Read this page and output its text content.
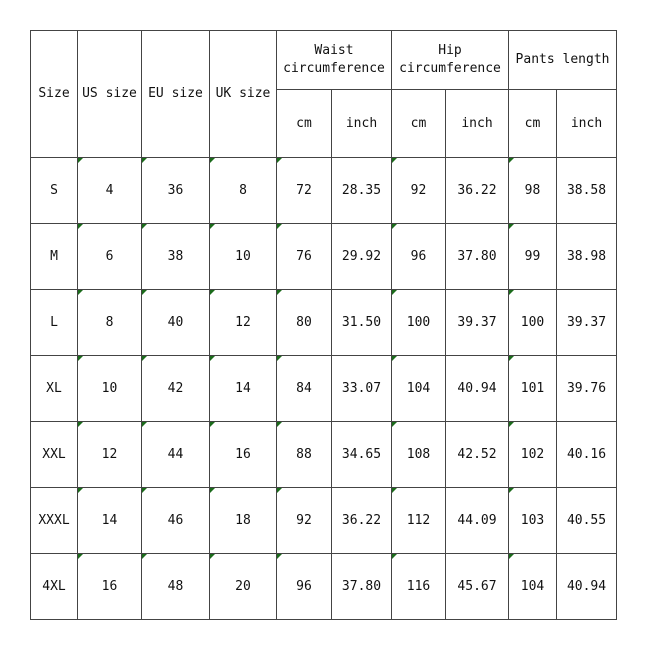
Size	US size	EU size	UK size	Waist circumference		Hip circumference		Pants length	
				cm	inch	cm	inch	cm	inch
S	4	36	8	72	28.35	92	36.22	98	38.58
M	6	38	10	76	29.92	96	37.80	99	38.98
L	8	40	12	80	31.50	100	39.37	100	39.37
XL	10	42	14	84	33.07	104	40.94	101	39.76
XXL	12	44	16	88	34.65	108	42.52	102	40.16
XXXL	14	46	18	92	36.22	112	44.09	103	40.55
4XL	16	48	20	96	37.80	116	45.67	104	40.94
